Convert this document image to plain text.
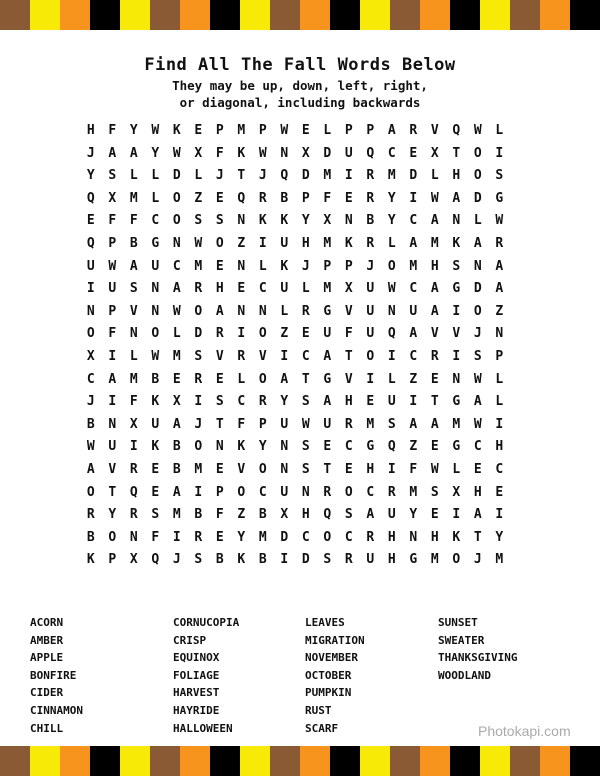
Find All The Fall Words Below
They may be up, down, left, right,
or diagonal, including backwards
H	F	Y	W	K	E	P	M	P	W	E	L	P	P	A	R	V	Q	W	L
J	A	A	Y	W	X	F	K	W	N	X	D	U	Q	C	E	X	T	O	I
Y	S	L	L	D	L	J	T	J	Q	D	M	I	R	M	D	L	H	O	S
Q	X	M	L	O	Z	E	Q	R	B	P	F	E	R	Y	I	W	A	D	G
E	F	F	C	O	S	S	N	K	K	Y	X	N	B	Y	C	A	N	L	W
Q	P	B	G	N	W	O	Z	I	U	H	M	K	R	L	A	M	K	A	R
U	W	A	U	C	M	E	N	L	K	J	P	P	J	O	M	H	S	N	A
I	U	S	N	A	R	H	E	C	U	L	M	X	U	W	C	A	G	D	A
N	P	V	N	W	O	A	N	N	L	R	G	V	U	N	U	A	I	O	Z
O	F	N	O	L	D	R	I	O	Z	E	U	F	U	Q	A	V	V	J	N
X	I	L	W	M	S	V	R	V	I	C	A	T	O	I	C	R	I	S	P
C	A	M	B	E	R	E	L	O	A	T	G	V	I	L	Z	E	N	W	L
J	I	F	K	X	I	S	C	R	Y	S	A	H	E	U	I	T	G	A	L
B	N	X	U	A	J	T	F	P	U	W	U	R	M	S	A	A	M	W	I
W	U	I	K	B	O	N	K	Y	N	S	E	C	G	Q	Z	E	G	C	H
A	V	R	E	B	M	E	V	O	N	S	T	E	H	I	F	W	L	E	C
O	T	Q	E	A	I	P	O	C	U	N	R	O	C	R	M	S	X	H	E
R	Y	R	S	M	B	F	Z	B	X	H	Q	S	A	U	Y	E	I	A	I
B	O	N	F	I	R	E	Y	M	D	C	O	C	R	H	N	H	K	T	Y
K	P	X	Q	J	S	B	K	B	I	D	S	R	U	H	G	M	O	J	M
ACORN
AMBER
APPLE
BONFIRE
CIDER
CINNAMON
CHILL
CORNUCOPIA
CRISP
EQUINOX
FOLIAGE
HARVEST
HAYRIDE
HALLOWEEN
LEAVES
MIGRATION
NOVEMBER
OCTOBER
PUMPKIN
RUST
SCARF
SUNSET
SWEATER
THANKSGIVING
WOODLAND
Photokapi.com
